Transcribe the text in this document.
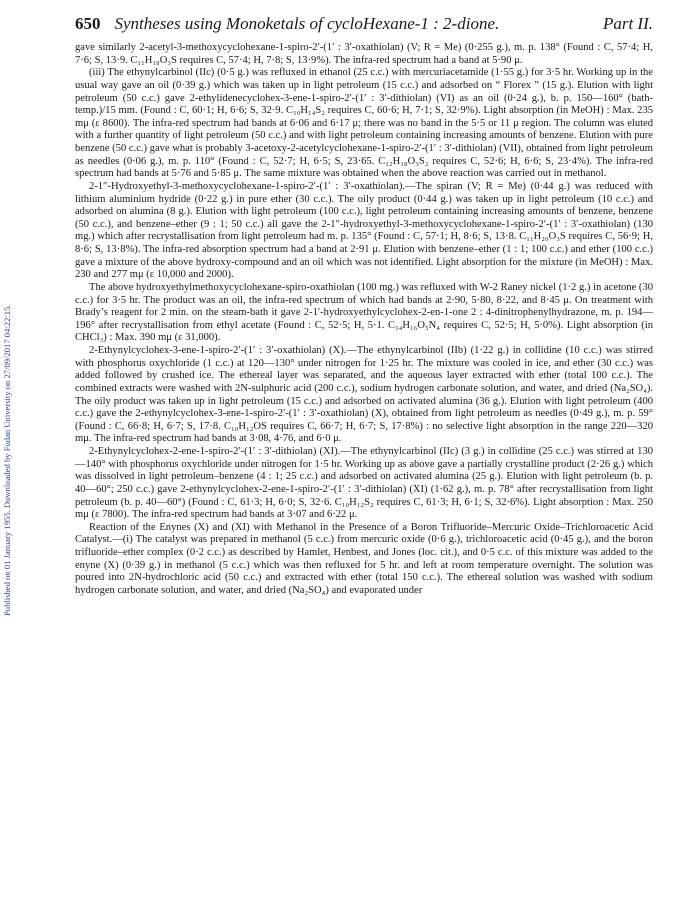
Published on 01 January 1955. Downloaded by Fudan University on 27/09/2017 04:22:15.
650 Syntheses using Monoketals of cycloHexane-1 : 2-dione.	Part II.

gave similarly 2-acetyl-3-methoxycyclohexane-1-spiro-2′-(1′ : 3′-oxathiolan) (V; R = Me) (0·255 g.), m. p. 138° (Found : C, 57·4; H, 7·6; S, 13·9. C₁₁H₁₈O₃S requires C, 57·4; H, 7·8; S, 13·9%). The infra-red spectrum had a band at 5·90 μ.

(iii) The ethynylcarbinol (IIc) (0·5 g.) was refluxed in ethanol (25 c.c.) with mercuriacetamide (1·55 g.) for 3·5 hr. Working up in the usual way gave an oil (0·39 g.) which was taken up in light petroleum (15 c.c.) and adsorbed on “ Florex ” (15 g.). Elution with light petroleum (50 c.c.) gave 2-ethylidenecyclohex-3-ene-1-spiro-2′-(1′ : 3′-dithiolan) (VI) as an oil (0·24 g.), b. p. 150—160° (bath-temp.)/15 mm. (Found : C, 60·1; H, 6·6; S, 32·9. C₁₀H₁₄S₂ requires C, 60·6; H, 7·1; S, 32·9%). Light absorption (in MeOH) : Max. 235 mμ (ε 8600). The infra-red spectrum had bands at 6·06 and 6·17 μ; there was no band in the 5·5 or 11 μ region. The column was eluted with a further quantity of light petroleum (50 c.c.) and with light petroleum containing increasing amounts of benzene. Elution with pure benzene (50 c.c.) gave what is probably 3-acetoxy-2-acetylcyclohexane-1-spiro-2′-(1′ : 3′-dithiolan) (VII), obtained from light petroleum as needles (0·06 g.), m. p. 110° (Found : C, 52·7; H, 6·5; S, 23·65. C₁₂H₁₈O₃S₂ requires C, 52·6; H, 6·6; S, 23·4%). The infra-red spectrum had bands at 5·76 and 5·85 μ. The same mixture was obtained when the above reaction was carried out in methanol.

2-1″-Hydroxyethyl-3-methoxycyclohexane-1-spiro-2′-(1′ : 3′-oxathiolan).—The spiran (V; R = Me) (0·44 g.) was reduced with lithium aluminium hydride (0·22 g.) in pure ether (30 c.c.). The oily product (0·44 g.) was taken up in light petroleum (10 c.c.) and adsorbed on alumina (8 g.). Elution with light petroleum (100 c.c.), light petroleum containing increasing amounts of benzene, benzene (50 c.c.), and benzene–ether (9 : 1; 50 c.c.) all gave the 2-1″-hydroxyethyl-3-methoxycyclohexane-1-spiro-2′-(1′ : 3′-oxathiolan) (130 mg.) which after recrystallisation from light petroleum had m. p. 135° (Found : C, 57·1; H, 8·6; S, 13·8. C₁₁H₂₀O₃S requires C, 56·9; H, 8·6; S, 13·8%). The infra-red absorption spectrum had a band at 2·91 μ. Elution with benzene–ether (1 : 1; 100 c.c.) and ether (100 c.c.) gave a mixture of the above hydroxy-compound and an oil which was not identified. Light absorption for the mixture (in MeOH) : Max. 230 and 277 mμ (ε 10,000 and 2000).

The above hydroxyethylmethoxycyclohexane-spiro-oxathiolan (100 mg.) was refluxed with W-2 Raney nickel (1·2 g.) in acetone (30 c.c.) for 3·5 hr. The product was an oil, the infra-red spectrum of which had bands at 2·90, 5·80, 8·22, and 8·45 μ. On treatment with Brady’s reagent for 2 min. on the steam-bath it gave 2-1′-hydroxyethylcyclohex-2-en-1-one 2 : 4-dinitrophenylhydrazone, m. p. 194—196° after recrystallisation from ethyl acetate (Found : C, 52·5; H, 5·1. C₁₄H₁₆O₅N₄ requires C, 52·5; H, 5·0%). Light absorption (in CHCl₃) : Max. 390 mμ (ε 31,000).

2-Ethynylcyclohex-3-ene-1-spiro-2′-(1′ : 3′-oxathiolan) (X).—The ethynylcarbinol (IIb) (1·22 g.) in collidine (10 c.c.) was stirred with phosphorus oxychloride (1 c.c.) at 120—130° under nitrogen for 1·25 hr. The mixture was cooled in ice, and ether (30 c.c.) was added followed by crushed ice. The ethereal layer was separated, and the aqueous layer extracted with ether (total 100 c.c.). The combined extracts were washed with 2N-sulphuric acid (200 c.c.), sodium hydrogen carbonate solution, and water, and dried (Na₂SO₄). The oily product was taken up in light petroleum (15 c.c.) and adsorbed on activated alumina (36 g.). Elution with light petroleum (400 c.c.) gave the 2-ethynylcyclohex-3-ene-1-spiro-2′-(1′ : 3′-oxathiolan) (X), obtained from light petroleum as needles (0·49 g.), m. p. 59° (Found : C, 66·8; H, 6·7; S, 17·8. C₁₀H₁₂OS requires C, 66·7; H, 6·7; S, 17·8%) : no selective light absorption in the range 220—320 mμ. The infra-red spectrum had bands at 3·08, 4·76, and 6·0 μ.

2-Ethynylcyclohex-2-ene-1-spiro-2′-(1′ : 3′-dithiolan) (XI).—The ethynylcarbinol (IIc) (3 g.) in collidine (25 c.c.) was stirred at 130—140° with phosphorus oxychloride under nitrogen for 1·5 hr. Working up as above gave a partially crystalline product (2·26 g.) which was dissolved in light petroleum–benzene (4 : 1; 25 c.c.) and adsorbed on activated alumina (25 g.). Elution with light petroleum (b. p. 40—60°; 250 c.c.) gave 2-ethynylcyclohex-2-ene-1-spiro-2′-(1′ : 3′-dithiolan) (XI) (1·62 g.), m. p. 78° after recrystallisation from light petroleum (b. p. 40—60°) (Found : C, 61·3; H, 6·0; S, 32·6. C₁₀H₁₂S₂ requires C, 61·3; H, 6·1; S, 32·6%). Light absorption : Max. 250 mμ (ε 7800). The infra-red spectrum had bands at 3·07 and 6·22 μ.

Reaction of the Enynes (X) and (XI) with Methanol in the Presence of a Boron Trifluoride–Mercuric Oxide–Trichloroacetic Acid Catalyst.—(i) The catalyst was prepared in methanol (5 c.c.) from mercuric oxide (0·6 g.), trichloroacetic acid (0·45 g.), and the boron trifluoride–ether complex (0·2 c.c.) as described by Hamlet, Henbest, and Jones (loc. cit.), and 0·5 c.c. of this mixture was added to the enyne (X) (0·39 g.) in methanol (5 c.c.) which was then refluxed for 5 hr. and left at room temperature overnight. The solution was poured into 2N-hydrochloric acid (50 c.c.) and extracted with ether (total 150 c.c.). The ethereal solution was washed with sodium hydrogen carbonate solution, and water, and dried (Na₂SO₄) and evaporated under
